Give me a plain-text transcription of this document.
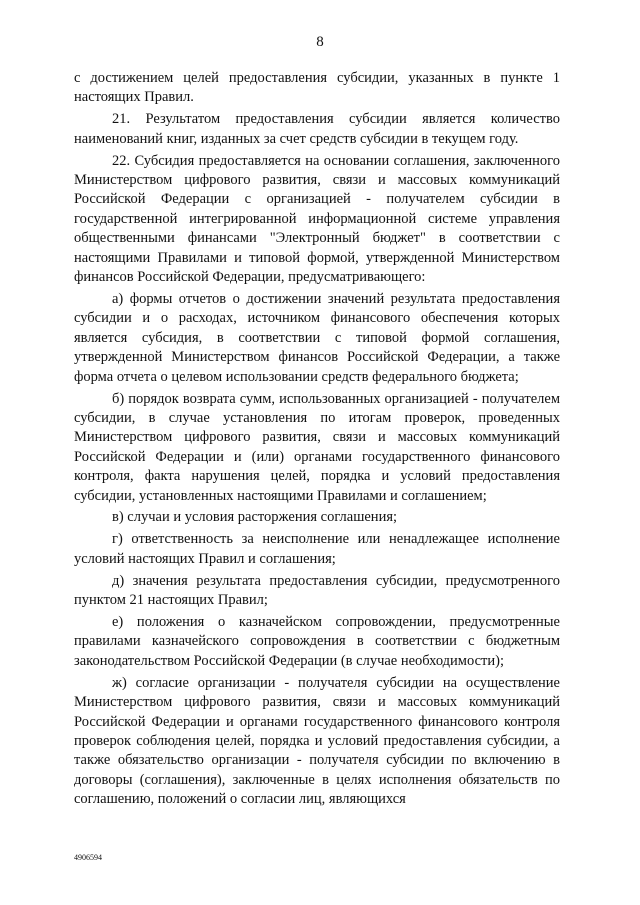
8

с достижением целей предоставления субсидии, указанных в пункте 1 настоящих Правил.

21. Результатом предоставления субсидии является количество наименований книг, изданных за счет средств субсидии в текущем году.

22. Субсидия предоставляется на основании соглашения, заключенного Министерством цифрового развития, связи и массовых коммуникаций Российской Федерации с организацией - получателем субсидии в государственной интегрированной информационной системе управления общественными финансами "Электронный бюджет" в соответствии с настоящими Правилами и типовой формой, утвержденной Министерством финансов Российской Федерации, предусматривающего:

а) формы отчетов о достижении значений результата предоставления субсидии и о расходах, источником финансового обеспечения которых является субсидия, в соответствии с типовой формой соглашения, утвержденной Министерством финансов Российской Федерации, а также форма отчета о целевом использовании средств федерального бюджета;

б) порядок возврата сумм, использованных организацией - получателем субсидии, в случае установления по итогам проверок, проведенных Министерством цифрового развития, связи и массовых коммуникаций Российской Федерации и (или) органами государственного финансового контроля, факта нарушения целей, порядка и условий предоставления субсидии, установленных настоящими Правилами и соглашением;

в) случаи и условия расторжения соглашения;

г) ответственность за неисполнение или ненадлежащее исполнение условий настоящих Правил и соглашения;

д) значения результата предоставления субсидии, предусмотренного пунктом 21 настоящих Правил;

е) положения о казначейском сопровождении, предусмотренные правилами казначейского сопровождения в соответствии с бюджетным законодательством Российской Федерации (в случае необходимости);

ж) согласие организации - получателя субсидии на осуществление Министерством цифрового развития, связи и массовых коммуникаций Российской Федерации и органами государственного финансового контроля проверок соблюдения целей, порядка и условий предоставления субсидии, а также обязательство организации - получателя субсидии по включению в договоры (соглашения), заключенные в целях исполнения обязательств по соглашению, положений о согласии лиц, являющихся

4906594
